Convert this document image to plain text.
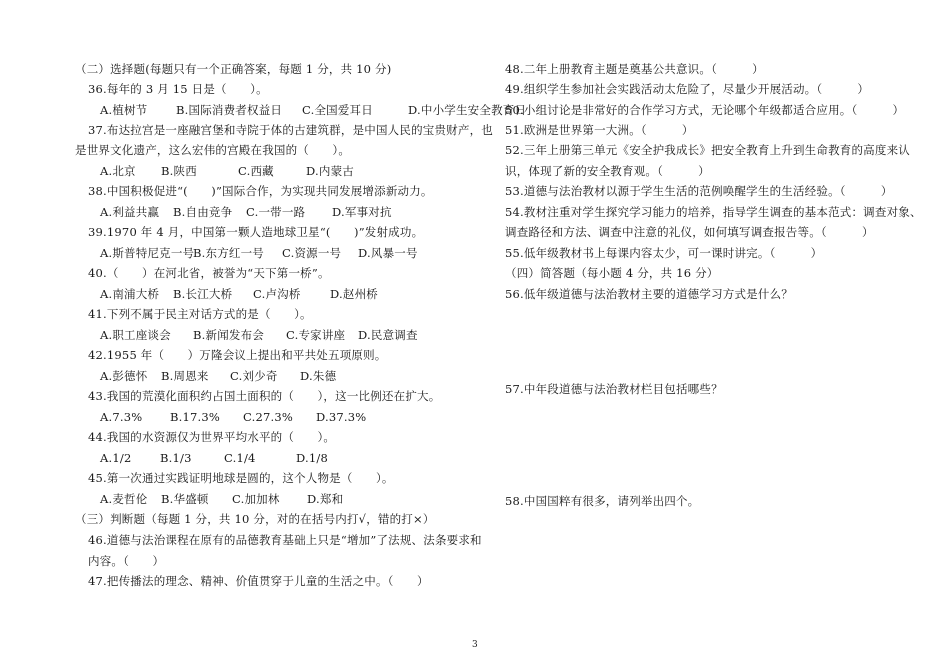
（二）选择题(每题只有一个正确答案，每题 1 分，共 10 分)
36.每年的 3 月 15 日是（　　）。
A.植树节 B.国际消费者权益日 C.全国爱耳日	D.中小学生安全教育日
37.布达拉宫是一座融宫堡和寺院于体的古建筑群，是中国人民的宝贵财产，也
是世界文化遗产，这么宏伟的宫殿在我国的（　　）。
A.北京 B.陕西	C.西藏	D.内蒙古
38.中国积极促进“(　　)”国际合作，为实现共同发展增添新动力。
A.利益共赢 B.自由竞争 C.一带一路 D.军事对抗
39.1970 年 4 月，中国第一颗人造地球卫星“(　　)”发射成功。
A.斯普特尼克一号
B.东方红一号 C.资源一号 D.风暴一号
40.（　　）在河北省，被誉为“天下第一桥”。
A.南浦大桥 B.长江大桥 C.卢沟桥	D.赵州桥
41.下列不属于民主对话方式的是（　　）。
A.职工座谈会 B.新闻发布会 C.专家讲座 D.民意调查
42.1955 年（　　）万隆会议上提出和平共处五项原则。
A.彭德怀 B.周恩来 C.刘少奇 D.朱德
43.我国的荒漠化面积约占国土面积的（　　），这一比例还在扩大。
A.7.3% B.17.3% C.27.3% D.37.3%
44.我国的水资源仅为世界平均水平的（　　）。
A.1/2 B.1/3	C.1/4	D.1/8
45.第一次通过实践证明地球是圆的，这个人物是（　　）。
A.麦哲伦 B.华盛顿 C.加加林 D.郑和
（三）判断题（每题 1 分，共 10 分，对的在括号内打√，错的打×）
46.道德与法治课程在原有的品德教育基础上只是“增加”了法规、法条要求和
内容。（　　）
47.把传播法的理念、精神、价值贯穿于儿童的生活之中。（　　）
48.二年上册教育主题是奠基公共意识。（　　　）
49.组织学生参加社会实践活动太危险了，尽量少开展活动。（　　　）
50.小组讨论是非常好的合作学习方式，无论哪个年级都适合应用。（　　　）
51.欧洲是世界第一大洲。（　　　）
52.三年上册第三单元《安全护我成长》把安全教育上升到生命教育的高度来认
识，体现了新的安全教育观。（　　　）
53.道德与法治教材以源于学生生活的范例唤醒学生的生活经验。（　　　）
54.教材注重对学生探究学习能力的培养，指导学生调查的基本范式：调查对象、
调查路径和方法、调查中注意的礼仪，如何填写调查报告等。（　　　）
55.低年级教材书上每课内容太少，可一课时讲完。（　　　）
（四）简答题（每小题 4 分，共 16 分）
56.低年级道德与法治教材主要的道德学习方式是什么？
57.中年段道德与法治教材栏目包括哪些？
58.中国国粹有很多，请列举出四个。
3
